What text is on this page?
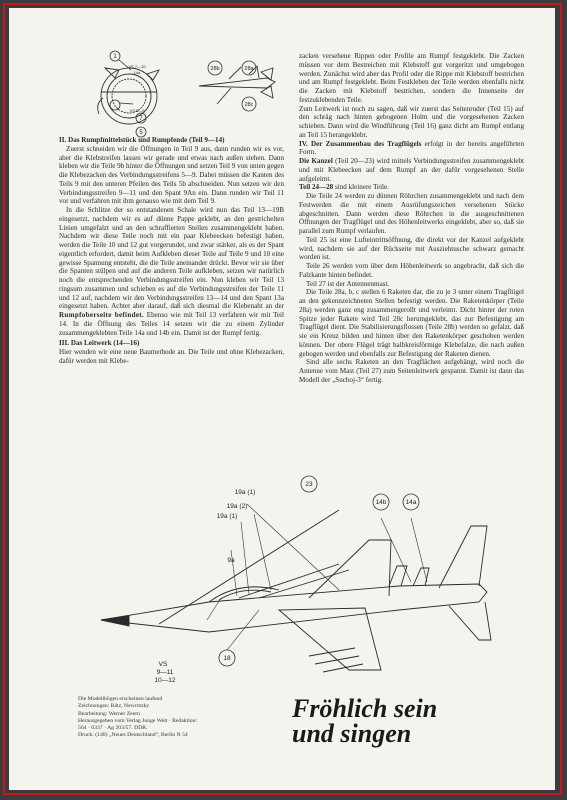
1
VS 7—10
14a
VS 5—9
7
5
28b	28a
28c

II. Das Rumpfmittelstück und Rumpfende (Teil 9—14)

Zuerst schneiden wir die Öffnungen in Teil 9 aus, dann runden wir es vor, aber die Klebstreifen lassen wir gerade und etwas nach außen stehen. Dann kleben wir die Teile 9b hinter die Öffnungen und setzen Teil 9 von unten gegen die Klebezacken des Verbindungsstreifens 5—9. Dabei müssen die Kanten des Teils 9 mit den unteren Pfeilen des Teils 5b abschneiden. Nun setzen wir den Verbindungsstreifen 9—11 und den Spant 9An ein. Dann runden wir Teil 11 vor und verfahren mit ihm genauso wie mit dem Teil 9.

In die Schlitze der so entstandenen Schale wird nun das Teil 13—19B eingesetzt, nachdem wir es auf dünne Pappe geklebt, an den gestrichelten Linien umgefalzt und an den schraffierten Stellen zusammengeklebt haben. Nachdem wir diese Teile noch mit ein paar Klebeecken befestigt haben, werden die Teile 10 und 12 gut vorgerundet, und zwar stärker, als es der Spant eigentlich erfordert, damit beim Aufkleben dieser Teile auf Teile 9 und 10 eine gewisse Spannung entsteht, die die Teile aneinander drückt. Bevor wir sie über die Spanten stülpen und auf die anderen Teile aufkleben, setzen wir natürlich noch die entsprechenden Verbindungsstreifen ein. Nun kleben wir Teil 13 ringsum zusammen und schieben es auf die Verbindungsstreifen der Teile 11 und 12 auf, nachdem wir den Verbindungsstreifen 13—14 und den Spant 13a eingesetzt haben. Achtet aber darauf, daß sich diesmal die Klebenaht an der Rumpfoberseite befindet. Ebenso wie mit Teil 13 verfahren wir mit Teil 14. In die Öffnung des Teiles 14 setzen wir die zu einem Zylinder zusammengeklebten Teile 14a und 14b ein. Damit ist der Rumpf fertig.

III. Das Leitwerk (14—16)

Hier wenden wir eine neue Baumethode an. Die Teile und ohne Klebezacken, dafür werden mit Klebe-

zacken versehene Rippen oder Profile am Rumpf festgeklebt. Die Zacken müssen vor dem Bestreichen mit Klebstoff gut vorgeritzt und umgebogen werden. Zunächst wird aber das Profil oder die Rippe mit Klebstoff bestrichen und am Rumpf festgeklebt. Beim Festkleben der Teile werden ebenfalls nicht die Zacken mit Klebstoff bestrichen, sondern die Innenseite der festzuklebenden Teile.

Zum Leitwerk ist noch zu sagen, daß wir zuerst das Seitenruder (Teil 15) auf den schräg nach hinten gebogenen Holm und die vorgesehenen Zacken schieben. Dann wird die Windführung (Teil 16) ganz dicht am Rumpf entlang an Teil 15 herangeklebt.

IV. Der Zusammenbau des Tragflügels erfolgt in der bereits angeführten Form.

Die Kanzel (Teil 20—23) wird mittels Verbindungsstreifen zusammengeklebt und mit Klebeecken auf dem Rumpf an der dafür vorgesehenen Stelle aufgeleimt.

Teil 24—28 sind kleinere Teile.

Die Teile 24 werden zu dünnen Röhrchen zusammengeklebt und nach dem Festwerden die mit einem Ausrüfungszeichen versehenen Stücke abgeschnitten. Dann werden diese Röhrchen in die ausgeschnittenen Öffnungen der Tragflügel und des Höhenleitwerks eingeklebt, aber so, daß sie parallel zum Rumpf verlaufen.

Teil 25 ist eine Lufteintrittsöffnung, die direkt vor der Kanzel aufgeklebt wird, nachdem sie auf der Rückseite mit Ausziehtusche schwarz gemacht worden ist.

Teile 26 werden vorn über dem Höhenleitwerk so angebracht, daß sich die Falzkante hinten befindet.

Teil 27 ist der Antennenmast.

Die Teile 28a, b, c stellen 6 Raketen dar, die zu je 3 unter einem Tragflügel an den gekennzeichneten Stellen befestigt werden. Die Raketenkörper (Teile 28a) werden ganz eng zusammengerollt und verleimt. Dicht hinter der roten Spitze jeder Rakete wird Teil 28c herumgeklebt, das zur Befestigung am Tragflügel dient. Die Stabilisierungsflossen (Teile 28b) werden so gefalzt, daß sie ein Kreuz bilden und hinten über den Raketenkörper geschoben werden können. Der obere Flügel trägt halbkreisförmige Klebefalze, die nach außen gebogen werden und ebenfalls zur Befestigung der Raketen dienen.

Sind alle sechs Raketen an den Tragflächen aufgehängt, wird noch die Antenne vom Mast (Teil 27) zum Seitenleitwerk gespannt. Damit ist dann das Modell der „Suchoj-3“ fertig.

23
19a (1)
19a (2)
19a (1)
9a
14b	14a
VS
9—11
10—12
18

Die Modellbögen erscheinen laufend

Zeichnungen: Rätz, Newrotzky

Bearbeitung: Werner Zeern

Herausgegeben vom Verlag Junge Welt · Redaktion:

564 · 0337 · Ag 203/57. DDR.

Druck: (140) „Neues Deutschland“, Berlin N 54

Fröhlich sein
und singen
